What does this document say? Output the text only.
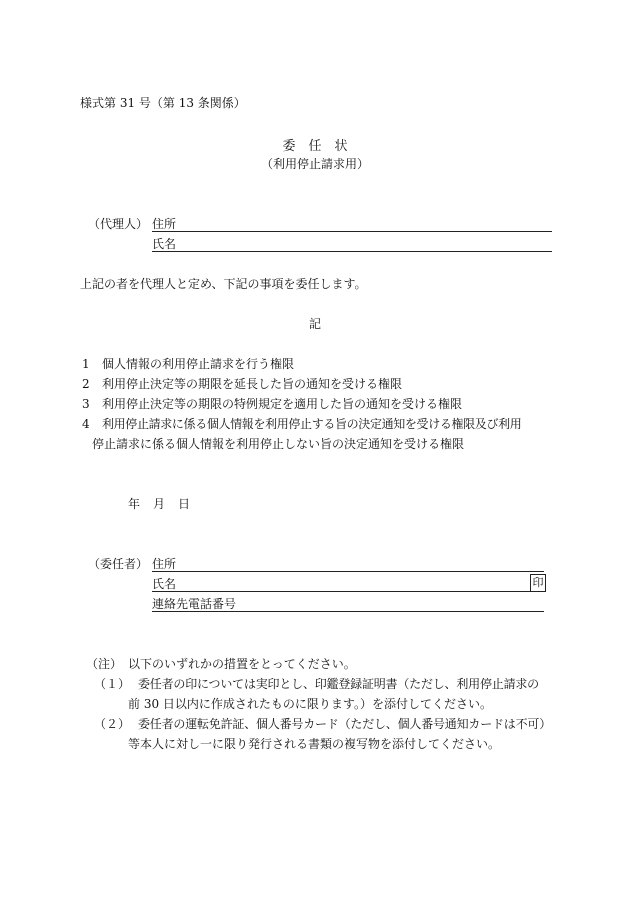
様式第 31 号（第 13 条関係）
委　任　状
（利用停止請求用）
（代理人） 住所
氏名
上記の者を代理人と定め、下記の事項を委任します。
記
1 個人情報の利用停止請求を行う権限
2 利用停止決定等の期限を延長した旨の通知を受ける権限
3 利用停止決定等の期限の特例規定を適用した旨の通知を受ける権限
4 利用停止請求に係る個人情報を利用停止する旨の決定通知を受ける権限及び利用
停止請求に係る個人情報を利用停止しない旨の決定通知を受ける権限
年 月 日
（委任者） 住所
氏名	印
連絡先電話番号
（注） 以下のいずれかの措置をとってください。
（１） 委任者の印については実印とし、印鑑登録証明書（ただし、利用停止請求の
前 30 日以内に作成されたものに限ります。）を添付してください。
（２） 委任者の運転免許証、個人番号カード（ただし、個人番号通知カードは不可）
等本人に対し一に限り発行される書類の複写物を添付してください。
